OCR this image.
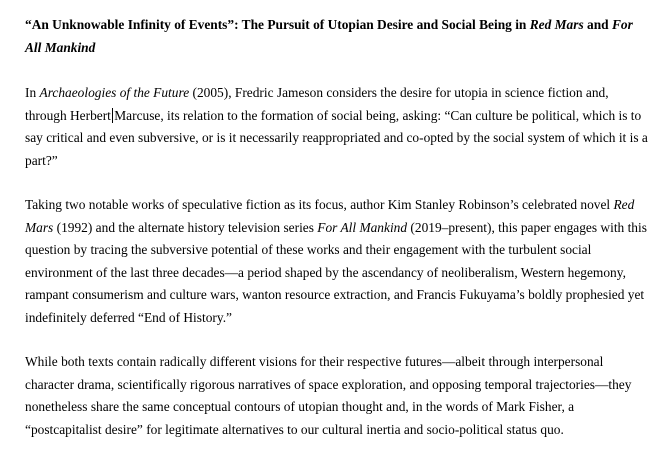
“An Unknowable Infinity of Events”: The Pursuit of Utopian Desire and Social Being in Red Mars and For All Mankind

In Archaeologies of the Future (2005), Fredric Jameson considers the desire for utopia in science fiction and, through Herbert Marcuse, its relation to the formation of social being, asking: “Can culture be political, which is to say critical and even subversive, or is it necessarily reappropriated and co-opted by the social system of which it is a part?”

Taking two notable works of speculative fiction as its focus, author Kim Stanley Robinson’s celebrated novel Red Mars (1992) and the alternate history television series For All Mankind (2019–present), this paper engages with this question by tracing the subversive potential of these works and their engagement with the turbulent social environment of the last three decades—a period shaped by the ascendancy of neoliberalism, Western hegemony, rampant consumerism and culture wars, wanton resource extraction, and Francis Fukuyama’s boldly prophesied yet indefinitely deferred “End of History.”

While both texts contain radically different visions for their respective futures—albeit through interpersonal character drama, scientifically rigorous narratives of space exploration, and opposing temporal trajectories—they nonetheless share the same conceptual contours of utopian thought and, in the words of Mark Fisher, a “postcapitalist desire” for legitimate alternatives to our cultural inertia and socio-political status quo.
